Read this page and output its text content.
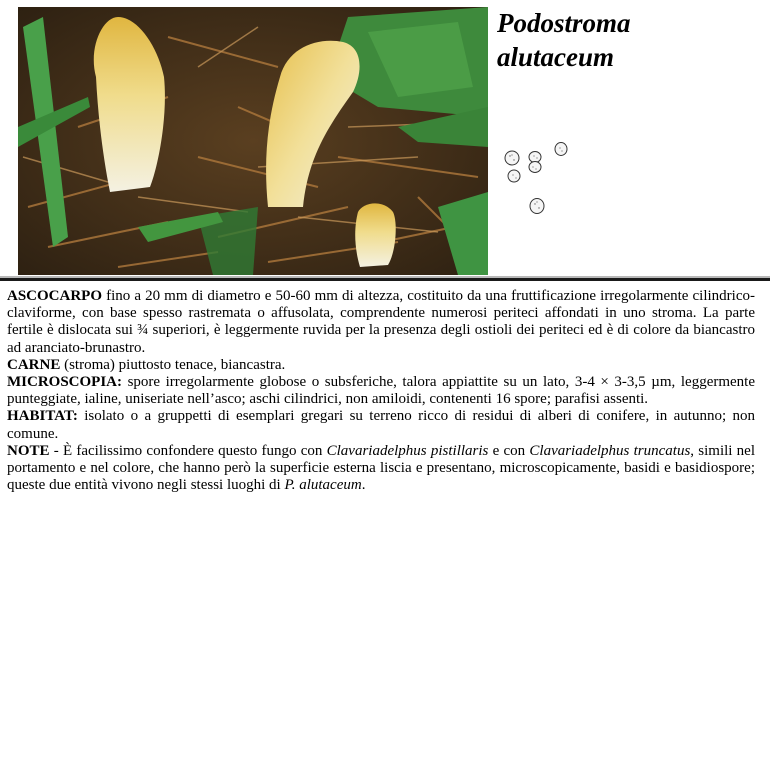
Podostroma
alutaceum

ASCOCARPO fino a 20 mm di diametro e 50-60 mm di altezza, costituito da una fruttificazione irregolarmente cilindrico-claviforme, con base spesso rastremata o affusolata, comprendente numerosi periteci affondati in uno stroma. La parte fertile è dislocata sui ¾ superiori, è leggermente ruvida per la presenza degli ostioli dei periteci ed è di colore da biancastro ad aranciato-brunastro.

CARNE (stroma) piuttosto tenace, biancastra.

MICROSCOPIA: spore irregolarmente globose o subsferiche, talora appiattite su un lato, 3-4 × 3-3,5 µm, leggermente punteggiate, ialine, uniseriate nell’asco; aschi cilindrici, non amiloidi, contenenti 16 spore; parafisi assenti.

HABITAT: isolato o a gruppetti di esemplari gregari su terreno ricco di residui di alberi di conifere, in autunno; non comune.

NOTE - È facilissimo confondere questo fungo con Clavariadelphus pistillaris e con Clavariadelphus truncatus, simili nel portamento e nel colore, che hanno però la superficie esterna liscia e presentano, microscopicamente, basidi e basidiospore; queste due entità vivono negli stessi luoghi di P. alutaceum.
